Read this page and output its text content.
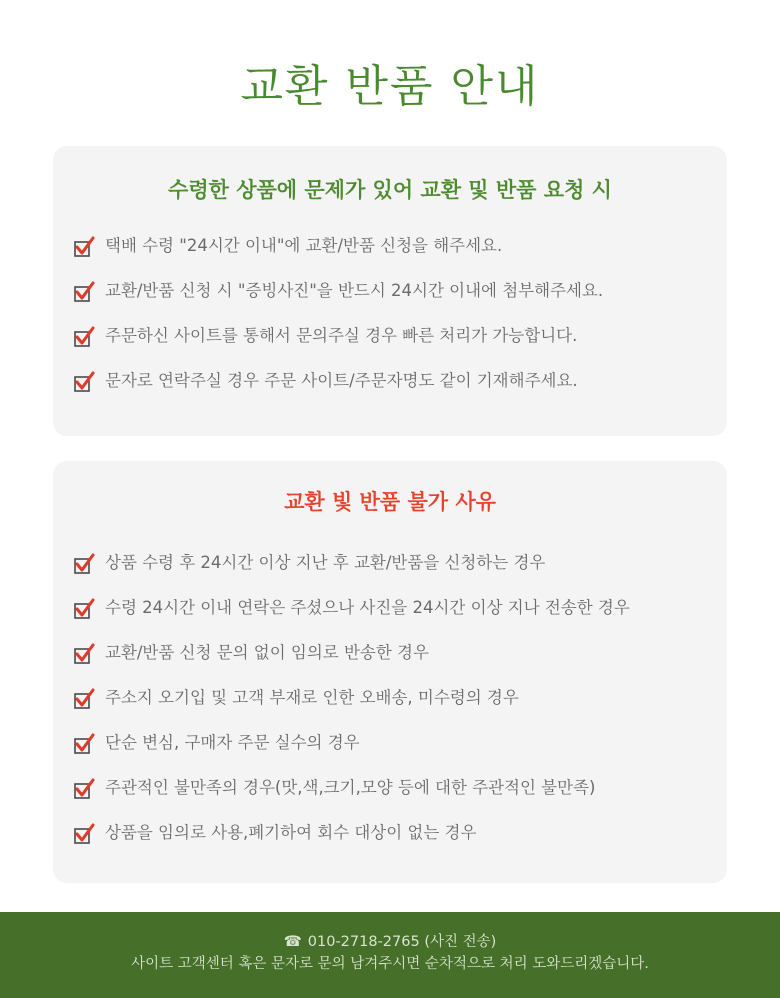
교환 반품 안내
수령한 상품에 문제가 있어 교환 및 반품 요청 시
택배 수령 "24시간 이내"에 교환/반품 신청을 해주세요.
교환/반품 신청 시 "증빙사진"을 반드시 24시간 이내에 첨부해주세요.
주문하신 사이트를 통해서 문의주실 경우 빠른 처리가 가능합니다.
문자로 연락주실 경우 주문 사이트/주문자명도 같이 기재해주세요.
교환 빛 반품 불가 사유
상품 수령 후 24시간 이상 지난 후 교환/반품을 신청하는 경우
수령 24시간 이내 연락은 주셨으나 사진을 24시간 이상 지나 전송한 경우
교환/반품 신청 문의 없이 임의로 반송한 경우
주소지 오기입 및 고객 부재로 인한 오배송, 미수령의 경우
단순 변심, 구매자 주문 실수의 경우
주관적인 불만족의 경우(맛,색,크기,모양 등에 대한 주관적인 불만족)
상품을 임의로 사용,폐기하여 회수 대상이 없는 경우
☎ 010-2718-2765 (사진 전송)
사이트 고객센터 혹은 문자로 문의 남겨주시면 순차적으로 처리 도와드리겠습니다.
